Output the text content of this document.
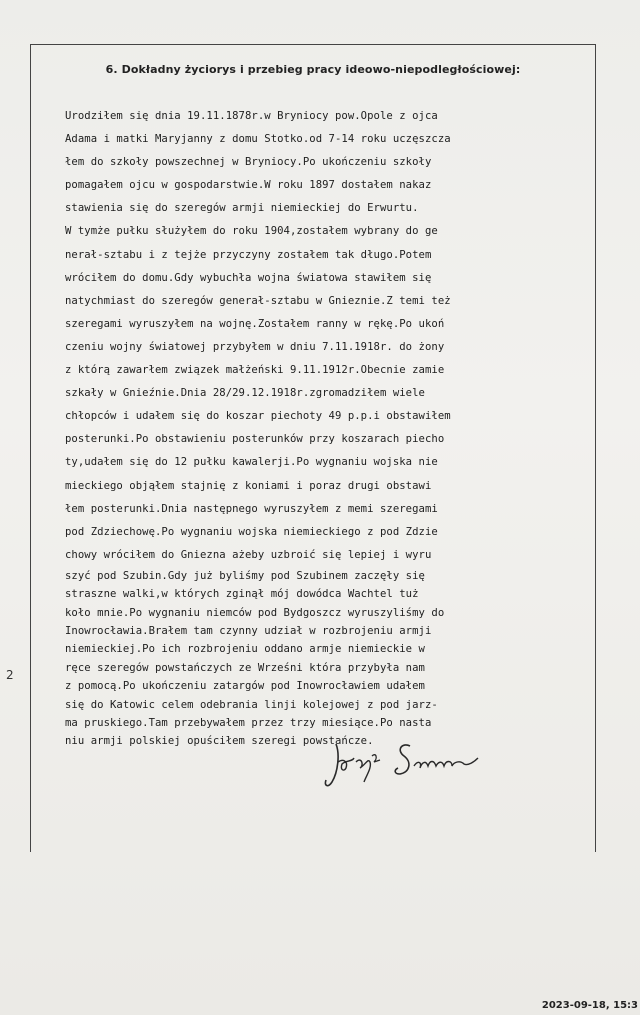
6. Dokładny życiorys i przebieg pracy ideowo-niepodległościowej:
Urodziłem się dnia 19.11.1878r.w Bryniocy pow.Opole z ojca
Adama i matki Maryjanny z domu Stotko.od 7-14 roku uczęszcza
łem do szkoły powszechnej w Bryniocy.Po ukończeniu szkoły
pomagałem ojcu w gospodarstwie.W roku 1897 dostałem nakaz
stawienia się do szeregów armji niemieckiej do Erwurtu.
W tymże pułku służyłem do roku 1904,zostałem wybrany do ge
nerał-sztabu i z tejże przyczyny zostałem tak długo.Potem
wróciłem do domu.Gdy wybuchła wojna światowa stawiłem się
natychmiast do szeregów generał-sztabu w Gnieznie.Z temi też
szeregami wyruszyłem na wojnę.Zostałem ranny w rękę.Po ukoń
czeniu wojny światowej przybyłem w dniu 7.11.1918r. do żony
z którą zawarłem związek małżeński 9.11.1912r.Obecnie zamie
szkały w Gnieźnie.Dnia 28/29.12.1918r.zgromadziłem wiele
chłopców i udałem się do koszar piechoty 49 p.p.i obstawiłem
posterunki.Po obstawieniu posterunków przy koszarach piecho
ty,udałem się do 12 pułku kawalerji.Po wygnaniu wojska nie
mieckiego objąłem stajnię z koniami i poraz drugi obstawi
łem posterunki.Dnia następnego wyruszyłem z memi szeregami
pod Zdziechowę.Po wygnaniu wojska niemieckiego z pod Zdzie
chowy wróciłem do Gniezna ażeby uzbroić się lepiej i wyru
szyć pod Szubin.Gdy już byliśmy pod Szubinem zaczęły się
straszne walki,w których zginął mój dowódca Wachtel tuż
koło mnie.Po wygnaniu niemców pod Bydgoszcz wyruszyliśmy do
Inowrocławia.Brałem tam czynny udział w rozbrojeniu armji
niemieckiej.Po ich rozbrojeniu oddano armje niemieckie w
ręce szeregów powstańczych ze Wrześni która przybyła nam
z pomocą.Po ukończeniu zatargów pod Inowrocławiem udałem
się do Katowic celem odebrania linji kolejowej z pod jarz-
ma pruskiego.Tam przebywałem przez trzy miesiące.Po nasta
niu armji polskiej opuściłem szeregi powstańcze.
2
2023-09-18, 15:3
